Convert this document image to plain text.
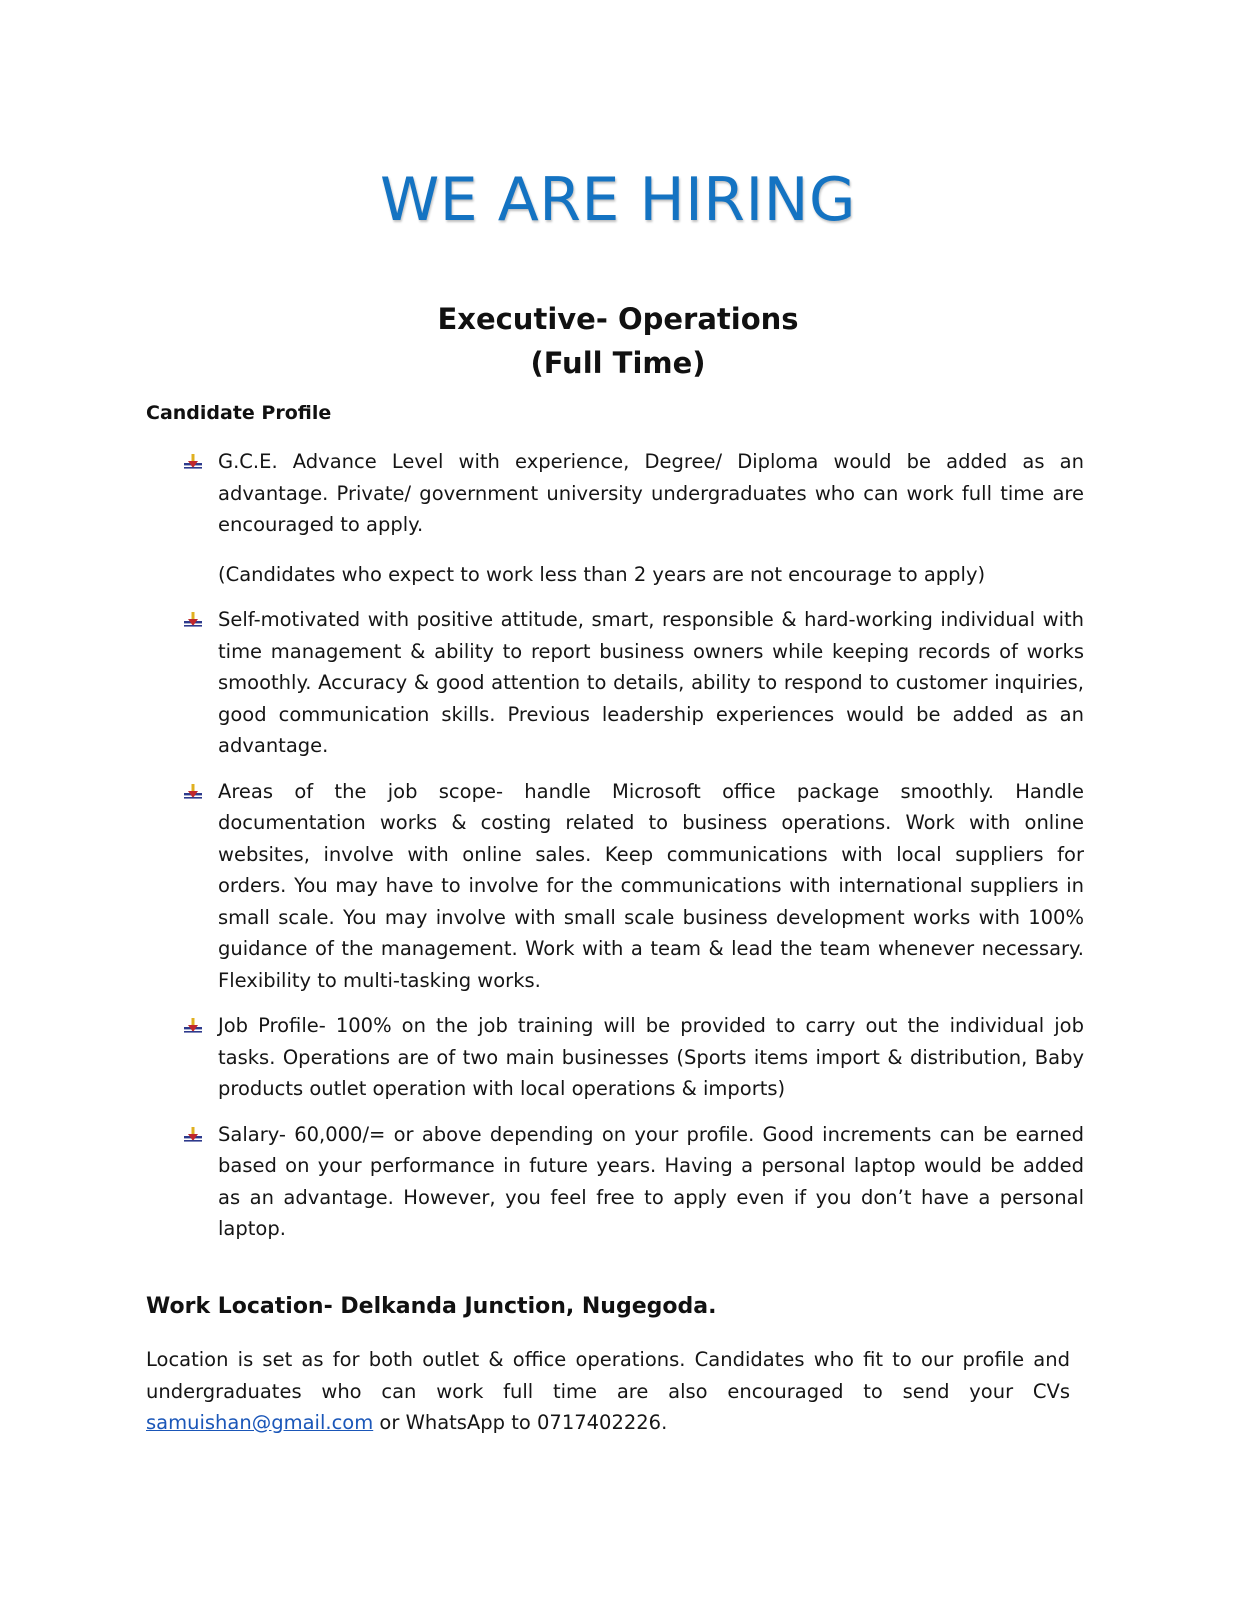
WE ARE HIRING
Executive- Operations
(Full Time)
Candidate Profile
G.C.E. Advance Level with experience, Degree/ Diploma would be added as an advantage. Private/ government university undergraduates who can work full time are encouraged to apply.
(Candidates who expect to work less than 2 years are not encourage to apply)
Self-motivated with positive attitude, smart, responsible & hard-working individual with time management & ability to report business owners while keeping records of works smoothly. Accuracy & good attention to details, ability to respond to customer inquiries, good communication skills. Previous leadership experiences would be added as an advantage.
Areas of the job scope- handle Microsoft office package smoothly. Handle documentation works & costing related to business operations. Work with online websites, involve with online sales. Keep communications with local suppliers for orders. You may have to involve for the communications with international suppliers in small scale. You may involve with small scale business development works with 100% guidance of the management. Work with a team & lead the team whenever necessary. Flexibility to multi-tasking works.
Job Profile- 100% on the job training will be provided to carry out the individual job tasks. Operations are of two main businesses (Sports items import & distribution, Baby products outlet operation with local operations & imports)
Salary- 60,000/= or above depending on your profile. Good increments can be earned based on your performance in future years. Having a personal laptop would be added as an advantage. However, you feel free to apply even if you don’t have a personal laptop.
Work Location- Delkanda Junction, Nugegoda.
Location is set as for both outlet & office operations. Candidates who fit to our profile and undergraduates who can work full time are also encouraged to send your CVs samuishan@gmail.com or WhatsApp to 0717402226.
